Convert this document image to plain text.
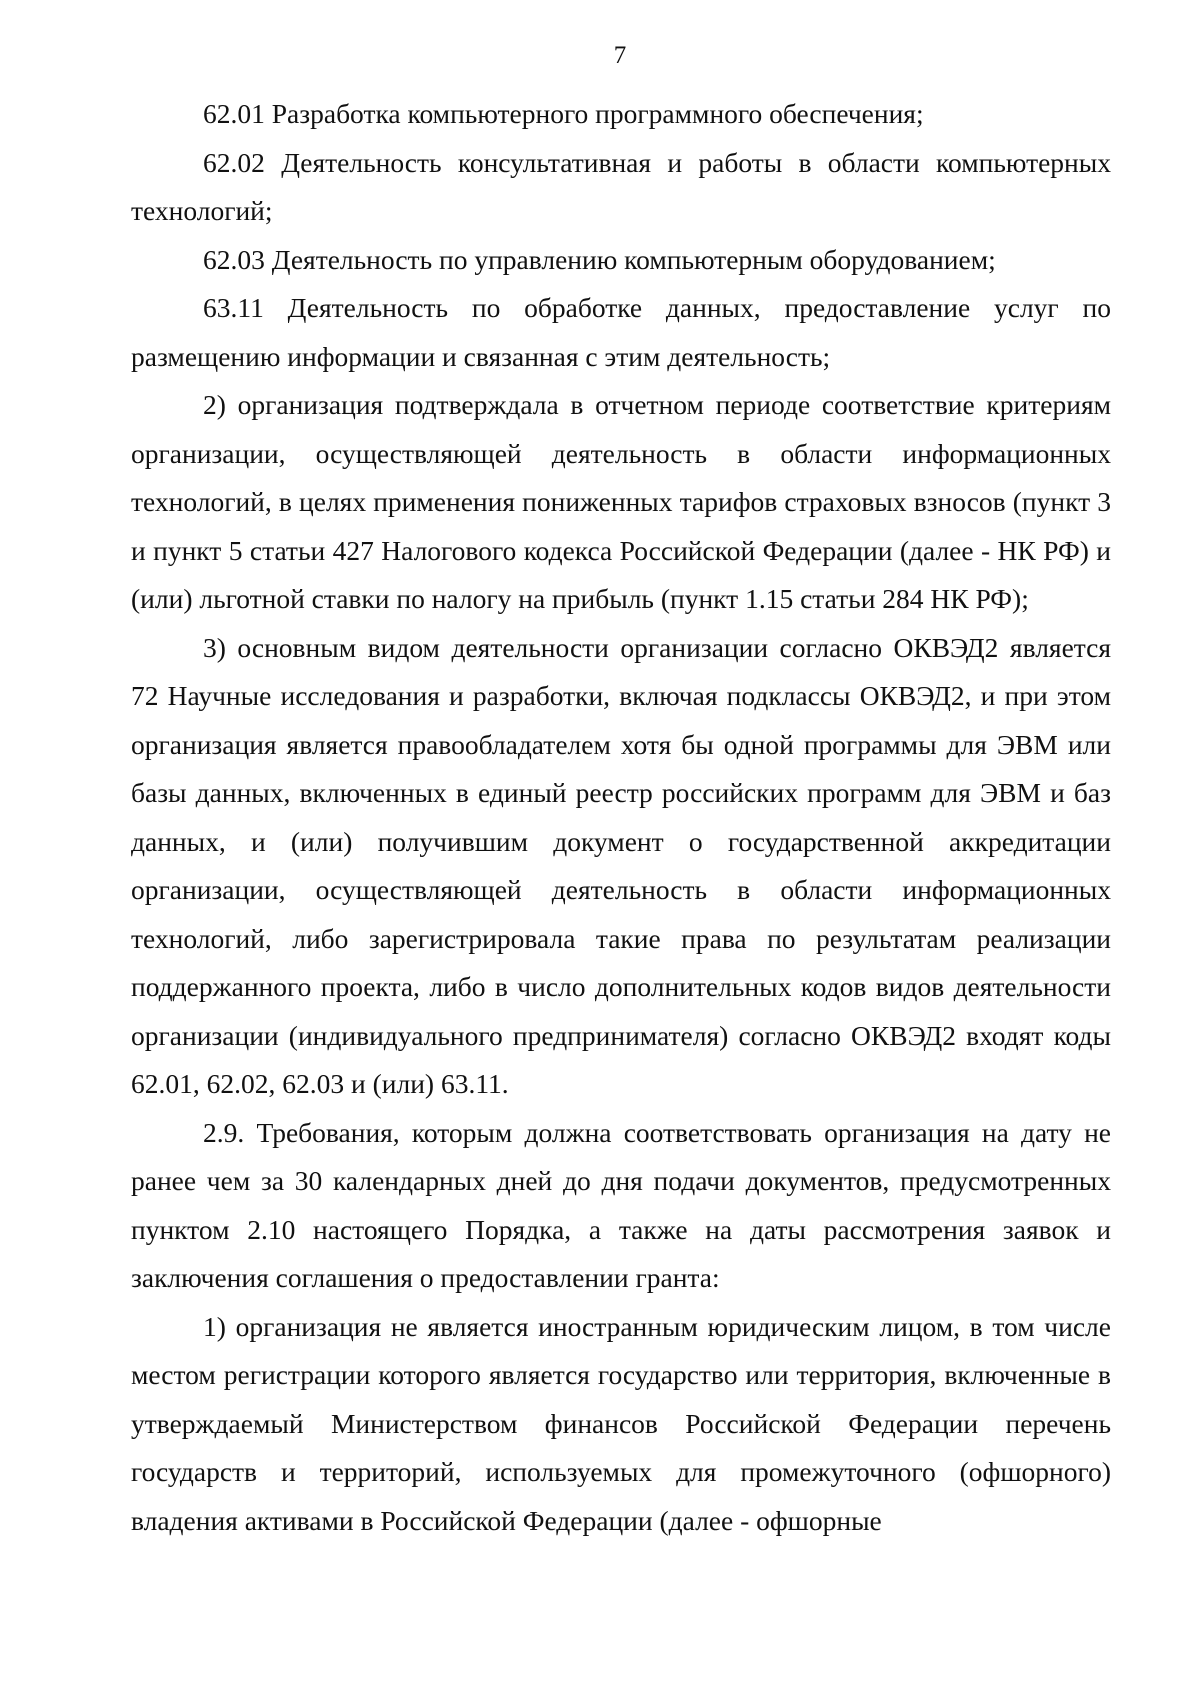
7

62.01 Разработка компьютерного программного обеспечения;

62.02 Деятельность консультативная и работы в области компьютерных технологий;

62.03 Деятельность по управлению компьютерным оборудованием;

63.11 Деятельность по обработке данных, предоставление услуг по размещению информации и связанная с этим деятельность;

2) организация подтверждала в отчетном периоде соответствие критериям организации, осуществляющей деятельность в области информационных технологий, в целях применения пониженных тарифов страховых взносов (пункт 3 и пункт 5 статьи 427 Налогового кодекса Российской Федерации (далее - НК РФ) и (или) льготной ставки по налогу на прибыль (пункт 1.15 статьи 284 НК РФ);

3) основным видом деятельности организации согласно ОКВЭД2 является 72 Научные исследования и разработки, включая подклассы ОКВЭД2, и при этом организация является правообладателем хотя бы одной программы для ЭВМ или базы данных, включенных в единый реестр российских программ для ЭВМ и баз данных, и (или) получившим документ о государственной аккредитации организации, осуществляющей деятельность в области информационных технологий, либо зарегистрировала такие права по результатам реализации поддержанного проекта, либо в число дополнительных кодов видов деятельности организации (индивидуального предпринимателя) согласно ОКВЭД2 входят коды 62.01, 62.02, 62.03 и (или) 63.11.

2.9. Требования, которым должна соответствовать организация на дату не ранее чем за 30 календарных дней до дня подачи документов, предусмотренных пунктом 2.10 настоящего Порядка, а также на даты рассмотрения заявок и заключения соглашения о предоставлении гранта:

1) организация не является иностранным юридическим лицом, в том числе местом регистрации которого является государство или территория, включенные в утверждаемый Министерством финансов Российской Федерации перечень государств и территорий, используемых для промежуточного (офшорного) владения активами в Российской Федерации (далее - офшорные
